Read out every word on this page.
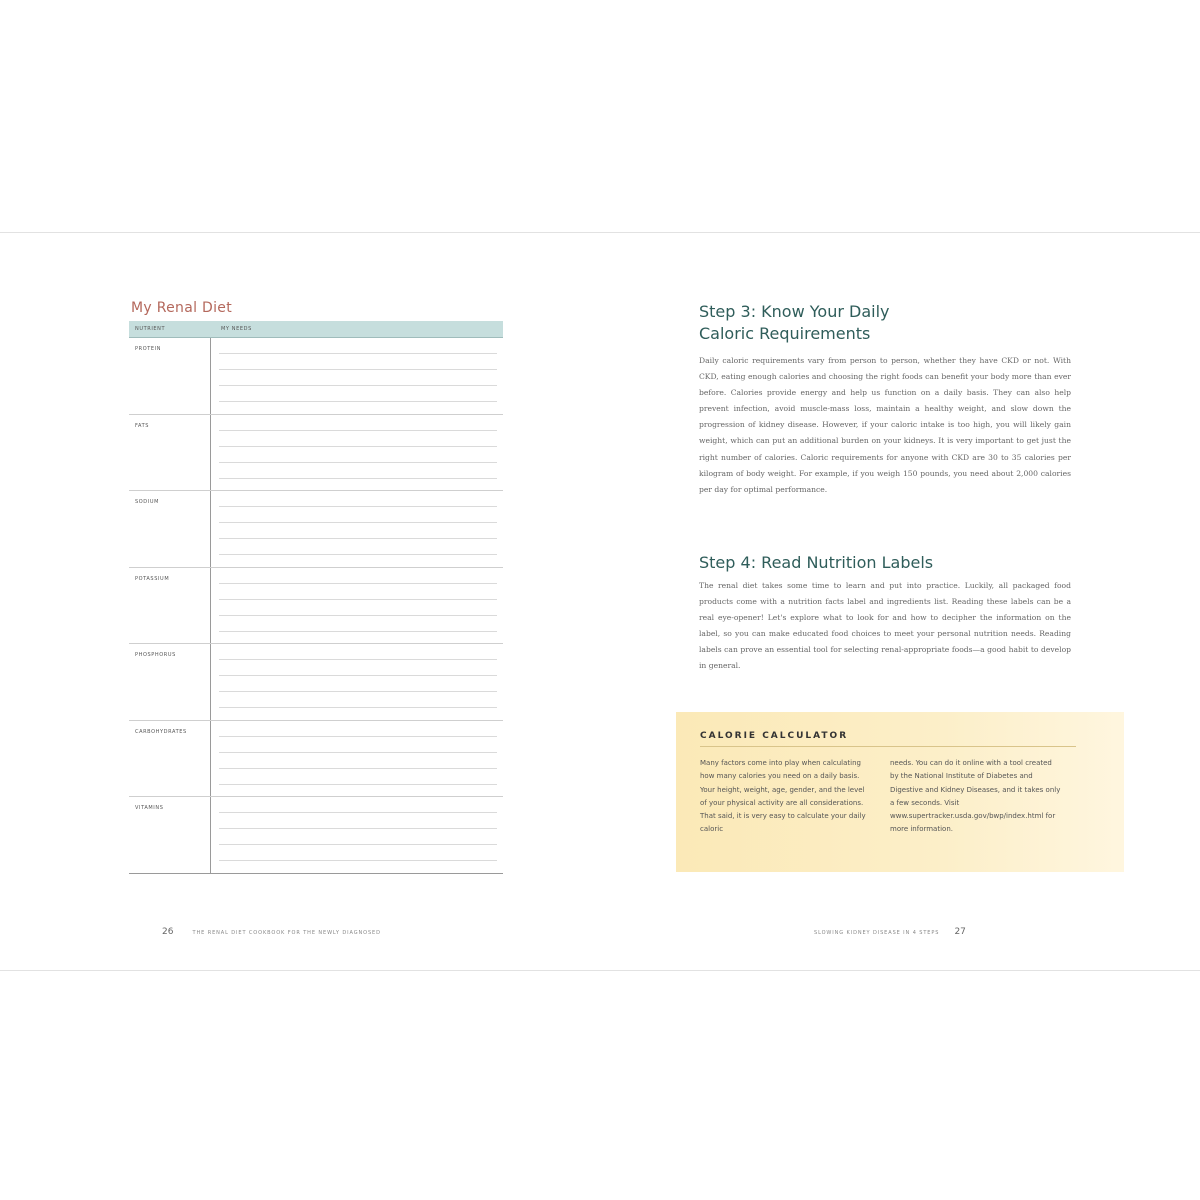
My Renal Diet
NUTRIENT	MY NEEDS
PROTEIN
FATS
SODIUM
POTASSIUM
PHOSPHORUS
CARBOHYDRATES
VITAMINS
26	THE RENAL DIET COOKBOOK FOR THE NEWLY DIAGNOSED
Step 3: Know Your Daily
Caloric Requirements

Daily caloric requirements vary from person to person, whether they have CKD or not. With CKD, eating enough calories and choosing the right foods can benefit your body more than ever before. Calories provide energy and help us function on a daily basis. They can also help prevent infection, avoid muscle-mass loss, maintain a healthy weight, and slow down the progression of kidney disease. However, if your caloric intake is too high, you will likely gain weight, which can put an additional burden on your kidneys. It is very important to get just the right number of calories. Caloric requirements for anyone with CKD are 30 to 35 calories per kilogram of body weight. For example, if you weigh 150 pounds, you need about 2,000 calories per day for optimal performance.

Step 4: Read Nutrition Labels

The renal diet takes some time to learn and put into practice. Luckily, all packaged food products come with a nutrition facts label and ingredients list. Reading these labels can be a real eye-opener! Let's explore what to look for and how to decipher the information on the label, so you can make educated food choices to meet your personal nutrition needs. Reading labels can prove an essential tool for selecting renal-appropriate foods—a good habit to develop in general.

CALORIE CALCULATOR

Many factors come into play when calculating how many calories you need on a daily basis. Your height, weight, age, gender, and the level of your physical activity are all considerations. That said, it is very easy to calculate your daily caloric

needs. You can do it online with a tool created by the National Institute of Diabetes and Digestive and Kidney Diseases, and it takes only a few seconds. Visit www.supertracker.usda.gov/bwp/index.html for more information.

SLOWING KIDNEY DISEASE IN 4 STEPS 27
